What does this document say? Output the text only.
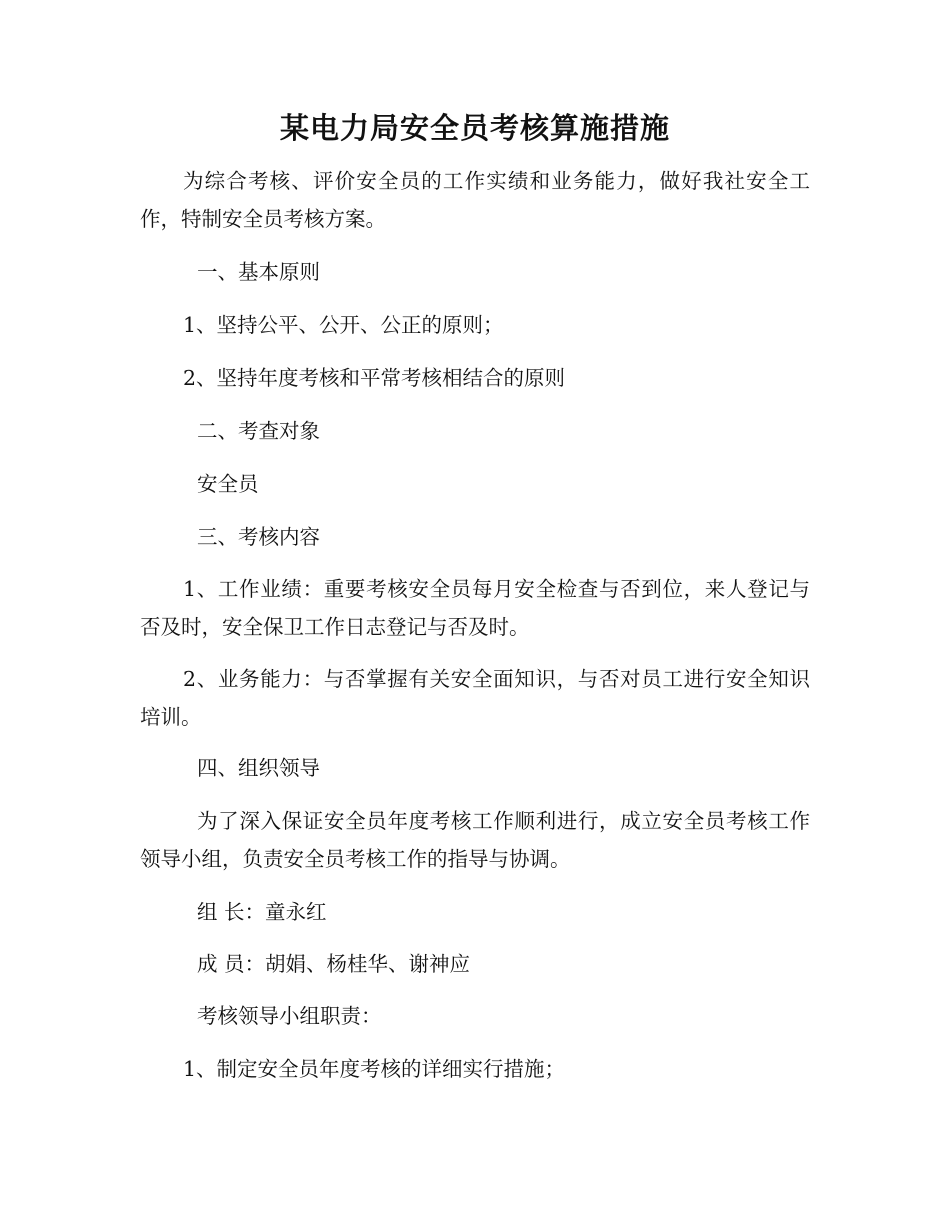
某电力局安全员考核算施措施

为综合考核、评价安全员的工作实绩和业务能力，做好我社安全工作，特制安全员考核方案。

一、基本原则

1、坚持公平、公开、公正的原则；

2、坚持年度考核和平常考核相结合的原则

二、考查对象

安全员

三、考核内容

1、工作业绩：重要考核安全员每月安全检查与否到位，来人登记与否及时，安全保卫工作日志登记与否及时。

2、业务能力：与否掌握有关安全面知识，与否对员工进行安全知识培训。

四、组织领导

为了深入保证安全员年度考核工作顺利进行，成立安全员考核工作领导小组，负责安全员考核工作的指导与协调。

组 长：童永红

成 员：胡娟、杨桂华、谢神应

考核领导小组职责：

1、制定安全员年度考核的详细实行措施；
